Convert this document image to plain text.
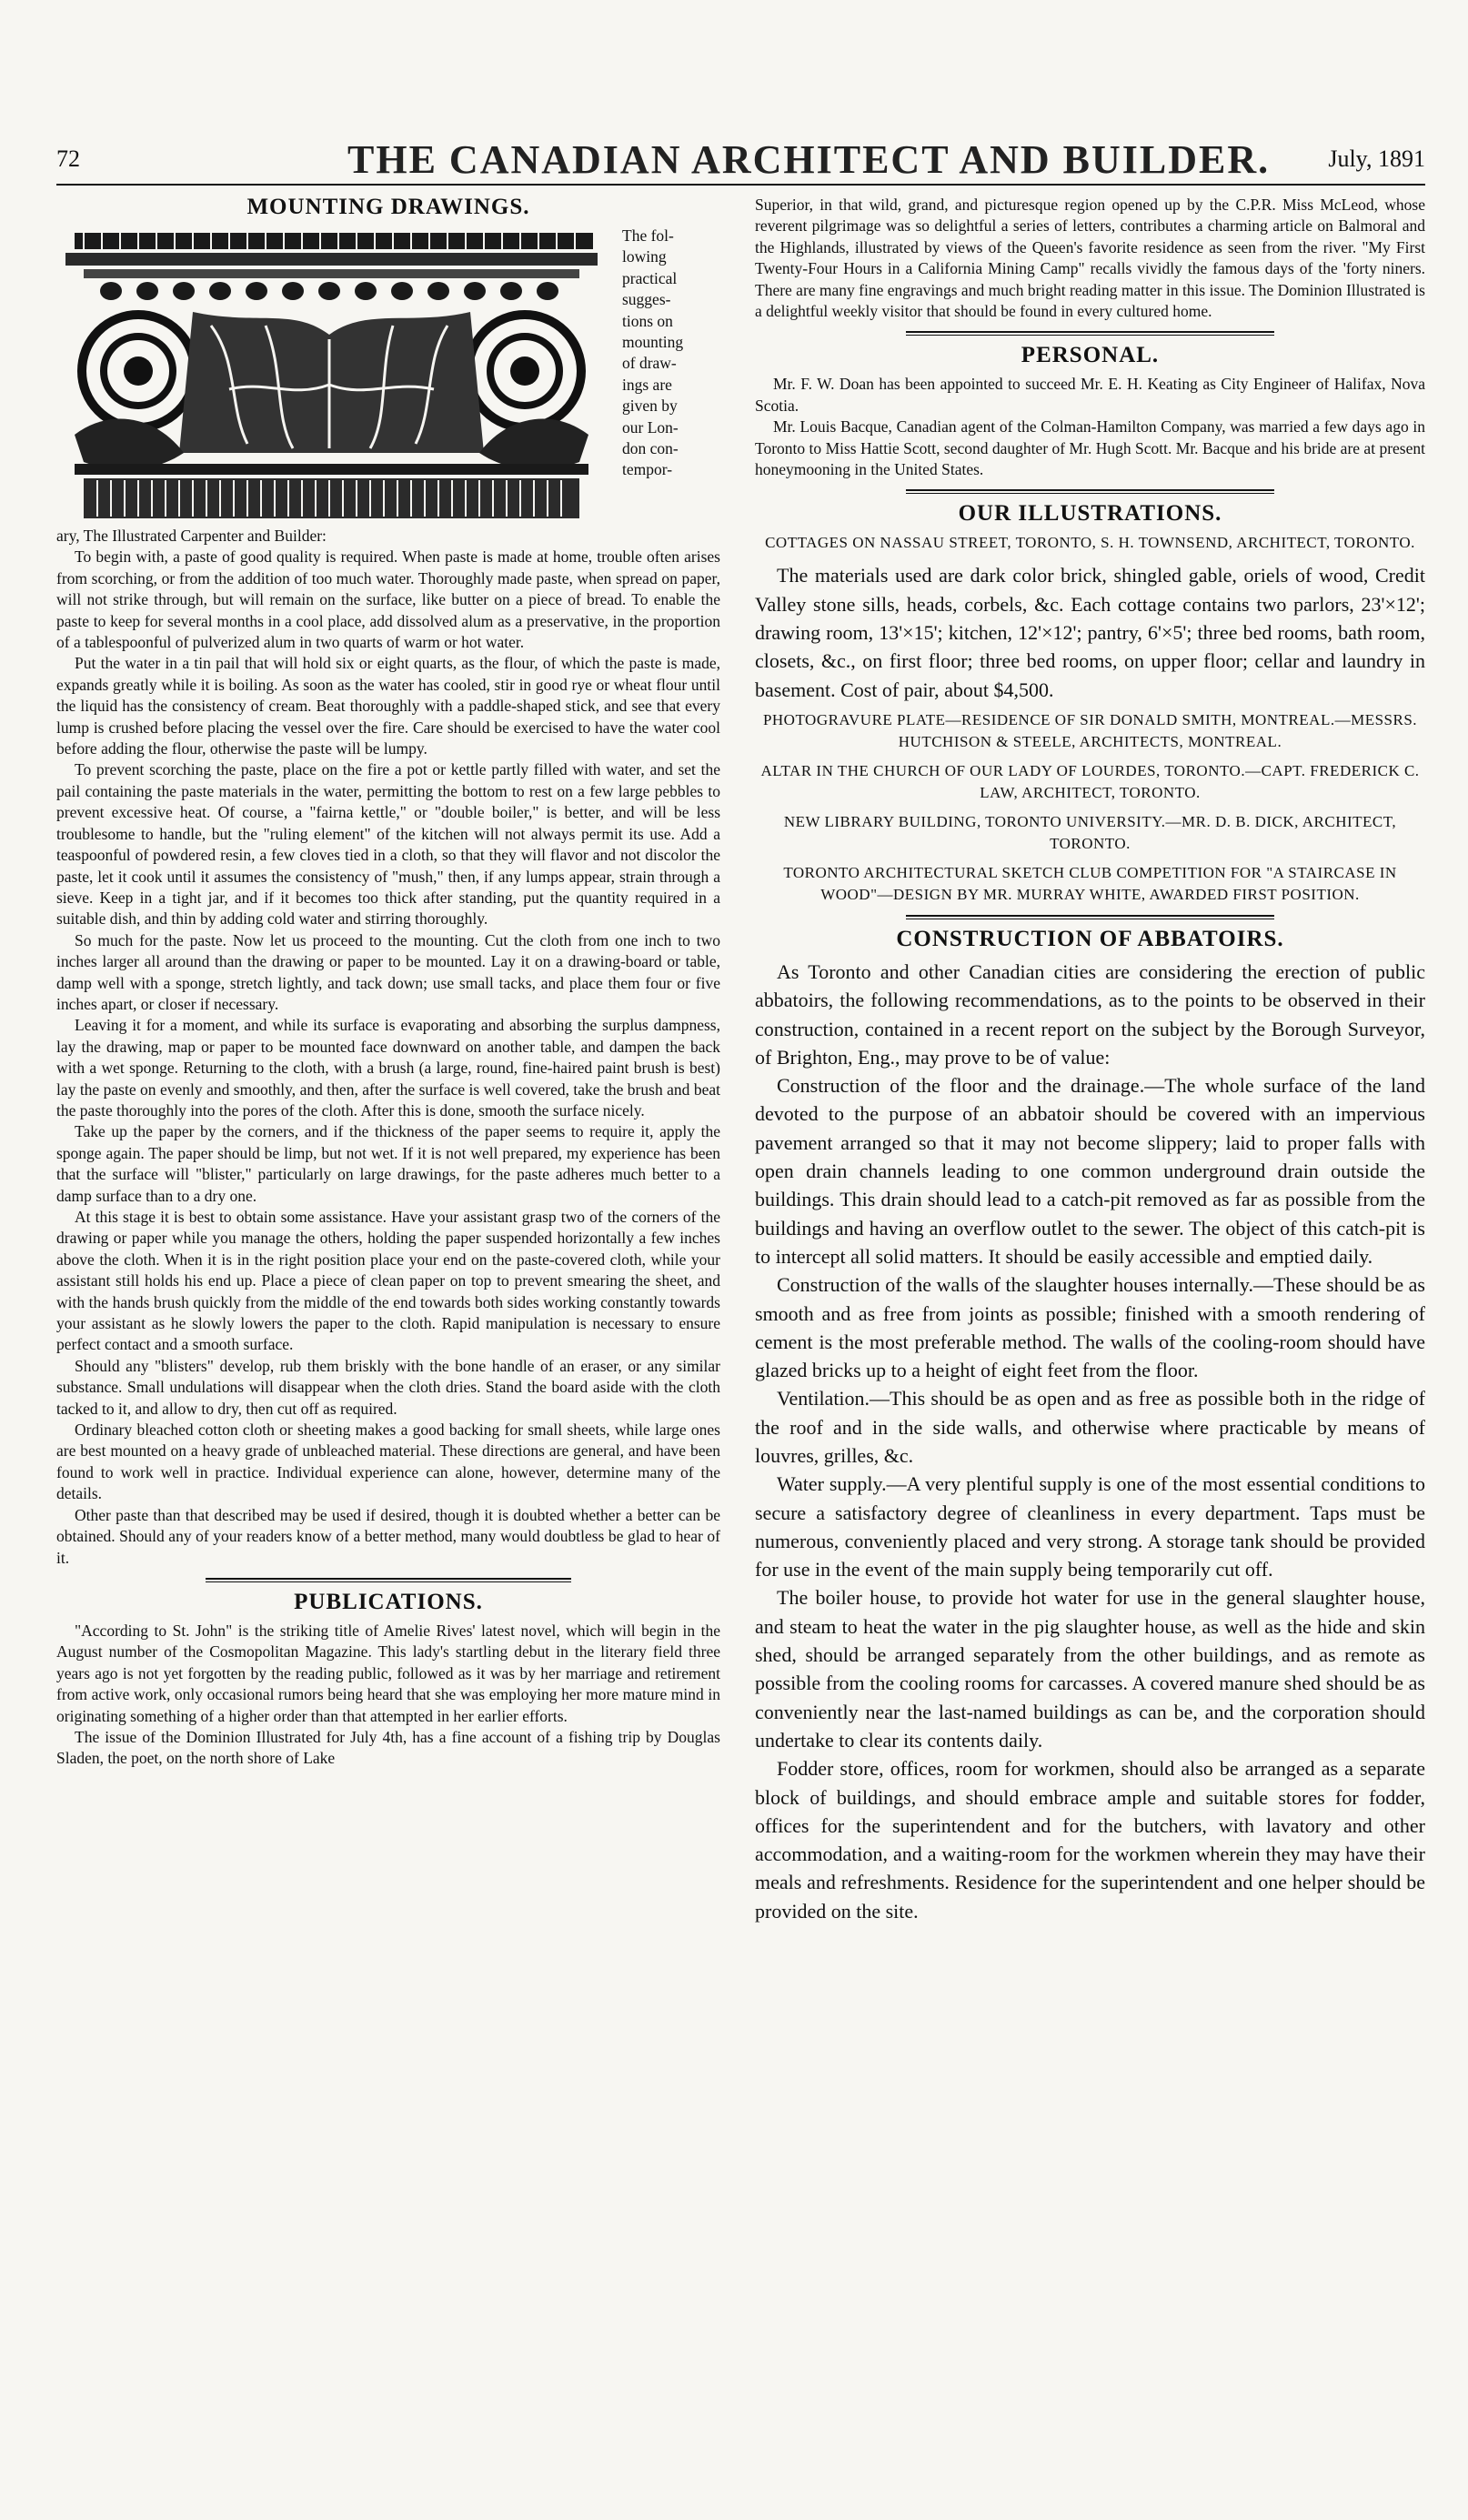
72	THE CANADIAN ARCHITECT AND BUILDER. July, 1891
MOUNTING DRAWINGS.
The fol-
lowing
practical
sugges-
tions on
mounting
of draw-
ings are
given by
our Lon-
don con-
tempor-

ary, The Illustrated Carpenter and Builder:

To begin with, a paste of good quality is required. When paste is made at home, trouble often arises from scorching, or from the addition of too much water. Thoroughly made paste, when spread on paper, will not strike through, but will remain on the surface, like butter on a piece of bread. To enable the paste to keep for several months in a cool place, add dissolved alum as a preservative, in the proportion of a tablespoonful of pulverized alum in two quarts of warm or hot water.

Put the water in a tin pail that will hold six or eight quarts, as the flour, of which the paste is made, expands greatly while it is boiling. As soon as the water has cooled, stir in good rye or wheat flour until the liquid has the consistency of cream. Beat thoroughly with a paddle-shaped stick, and see that every lump is crushed before placing the vessel over the fire. Care should be exercised to have the water cool before adding the flour, otherwise the paste will be lumpy.

To prevent scorching the paste, place on the fire a pot or kettle partly filled with water, and set the pail containing the paste materials in the water, permitting the bottom to rest on a few large pebbles to prevent excessive heat. Of course, a "fairna kettle," or "double boiler," is better, and will be less troublesome to handle, but the "ruling element" of the kitchen will not always permit its use. Add a teaspoonful of powdered resin, a few cloves tied in a cloth, so that they will flavor and not discolor the paste, let it cook until it assumes the consistency of "mush," then, if any lumps appear, strain through a sieve. Keep in a tight jar, and if it becomes too thick after standing, put the quantity required in a suitable dish, and thin by adding cold water and stirring thoroughly.

So much for the paste. Now let us proceed to the mounting. Cut the cloth from one inch to two inches larger all around than the drawing or paper to be mounted. Lay it on a drawing-board or table, damp well with a sponge, stretch lightly, and tack down; use small tacks, and place them four or five inches apart, or closer if necessary.

Leaving it for a moment, and while its surface is evaporating and absorbing the surplus dampness, lay the drawing, map or paper to be mounted face downward on another table, and dampen the back with a wet sponge. Returning to the cloth, with a brush (a large, round, fine-haired paint brush is best) lay the paste on evenly and smoothly, and then, after the surface is well covered, take the brush and beat the paste thoroughly into the pores of the cloth. After this is done, smooth the surface nicely.

Take up the paper by the corners, and if the thickness of the paper seems to require it, apply the sponge again. The paper should be limp, but not wet. If it is not well prepared, my experience has been that the surface will "blister," particularly on large drawings, for the paste adheres much better to a damp surface than to a dry one.

At this stage it is best to obtain some assistance. Have your assistant grasp two of the corners of the drawing or paper while you manage the others, holding the paper suspended horizontally a few inches above the cloth. When it is in the right position place your end on the paste-covered cloth, while your assistant still holds his end up. Place a piece of clean paper on top to prevent smearing the sheet, and with the hands brush quickly from the middle of the end towards both sides working constantly towards your assistant as he slowly lowers the paper to the cloth. Rapid manipulation is necessary to ensure perfect contact and a smooth surface.

Should any "blisters" develop, rub them briskly with the bone handle of an eraser, or any similar substance. Small undulations will disappear when the cloth dries. Stand the board aside with the cloth tacked to it, and allow to dry, then cut off as required.

Ordinary bleached cotton cloth or sheeting makes a good backing for small sheets, while large ones are best mounted on a heavy grade of unbleached material. These directions are general, and have been found to work well in practice. Individual experience can alone, however, determine many of the details.

Other paste than that described may be used if desired, though it is doubted whether a better can be obtained. Should any of your readers know of a better method, many would doubtless be glad to hear of it.

PUBLICATIONS.

"According to St. John" is the striking title of Amelie Rives' latest novel, which will begin in the August number of the Cosmopolitan Magazine. This lady's startling debut in the literary field three years ago is not yet forgotten by the reading public, followed as it was by her marriage and retirement from active work, only occasional rumors being heard that she was employing her more mature mind in originating something of a higher order than that attempted in her earlier efforts.

The issue of the Dominion Illustrated for July 4th, has a fine account of a fishing trip by Douglas Sladen, the poet, on the north shore of Lake

Superior, in that wild, grand, and picturesque region opened up by the C.P.R. Miss McLeod, whose reverent pilgrimage was so delightful a series of letters, contributes a charming article on Balmoral and the Highlands, illustrated by views of the Queen's favorite residence as seen from the river. "My First Twenty-Four Hours in a California Mining Camp" recalls vividly the famous days of the 'forty niners. There are many fine engravings and much bright reading matter in this issue. The Dominion Illustrated is a delightful weekly visitor that should be found in every cultured home.

PERSONAL.

Mr. F. W. Doan has been appointed to succeed Mr. E. H. Keating as City Engineer of Halifax, Nova Scotia.

Mr. Louis Bacque, Canadian agent of the Colman-Hamilton Company, was married a few days ago in Toronto to Miss Hattie Scott, second daughter of Mr. Hugh Scott. Mr. Bacque and his bride are at present honeymooning in the United States.

OUR ILLUSTRATIONS.
COTTAGES ON NASSAU STREET, TORONTO, S. H. TOWNSEND, ARCHITECT, TORONTO.

The materials used are dark color brick, shingled gable, oriels of wood, Credit Valley stone sills, heads, corbels, &c. Each cottage contains two parlors, 23'×12'; drawing room, 13'×15'; kitchen, 12'×12'; pantry, 6'×5'; three bed rooms, bath room, closets, &c., on first floor; three bed rooms, on upper floor; cellar and laundry in basement. Cost of pair, about $4,500.

PHOTOGRAVURE PLATE—RESIDENCE OF SIR DONALD SMITH, MONTREAL.—MESSRS. HUTCHISON & STEELE, ARCHITECTS, MONTREAL.
ALTAR IN THE CHURCH OF OUR LADY OF LOURDES, TORONTO.—CAPT. FREDERICK C. LAW, ARCHITECT, TORONTO.
NEW LIBRARY BUILDING, TORONTO UNIVERSITY.—MR. D. B. DICK, ARCHITECT, TORONTO.
TORONTO ARCHITECTURAL SKETCH CLUB COMPETITION FOR "A STAIRCASE IN WOOD"—DESIGN BY MR. MURRAY WHITE, AWARDED FIRST POSITION.
CONSTRUCTION OF ABBATOIRS.

As Toronto and other Canadian cities are considering the erection of public abbatoirs, the following recommendations, as to the points to be observed in their construction, contained in a recent report on the subject by the Borough Surveyor, of Brighton, Eng., may prove to be of value:

Construction of the floor and the drainage.—The whole surface of the land devoted to the purpose of an abbatoir should be covered with an impervious pavement arranged so that it may not become slippery; laid to proper falls with open drain channels leading to one common underground drain outside the buildings. This drain should lead to a catch-pit removed as far as possible from the buildings and having an overflow outlet to the sewer. The object of this catch-pit is to intercept all solid matters. It should be easily accessible and emptied daily.

Construction of the walls of the slaughter houses internally.—These should be as smooth and as free from joints as possible; finished with a smooth rendering of cement is the most preferable method. The walls of the cooling-room should have glazed bricks up to a height of eight feet from the floor.

Ventilation.—This should be as open and as free as possible both in the ridge of the roof and in the side walls, and otherwise where practicable by means of louvres, grilles, &c.

Water supply.—A very plentiful supply is one of the most essential conditions to secure a satisfactory degree of cleanliness in every department. Taps must be numerous, conveniently placed and very strong. A storage tank should be provided for use in the event of the main supply being temporarily cut off.

The boiler house, to provide hot water for use in the general slaughter house, and steam to heat the water in the pig slaughter house, as well as the hide and skin shed, should be arranged separately from the other buildings, and as remote as possible from the cooling rooms for carcasses. A covered manure shed should be as conveniently near the last-named buildings as can be, and the corporation should undertake to clear its contents daily.

Fodder store, offices, room for workmen, should also be arranged as a separate block of buildings, and should embrace ample and suitable stores for fodder, offices for the superintendent and for the butchers, with lavatory and other accommodation, and a waiting-room for the workmen wherein they may have their meals and refreshments. Residence for the superintendent and one helper should be provided on the site.
